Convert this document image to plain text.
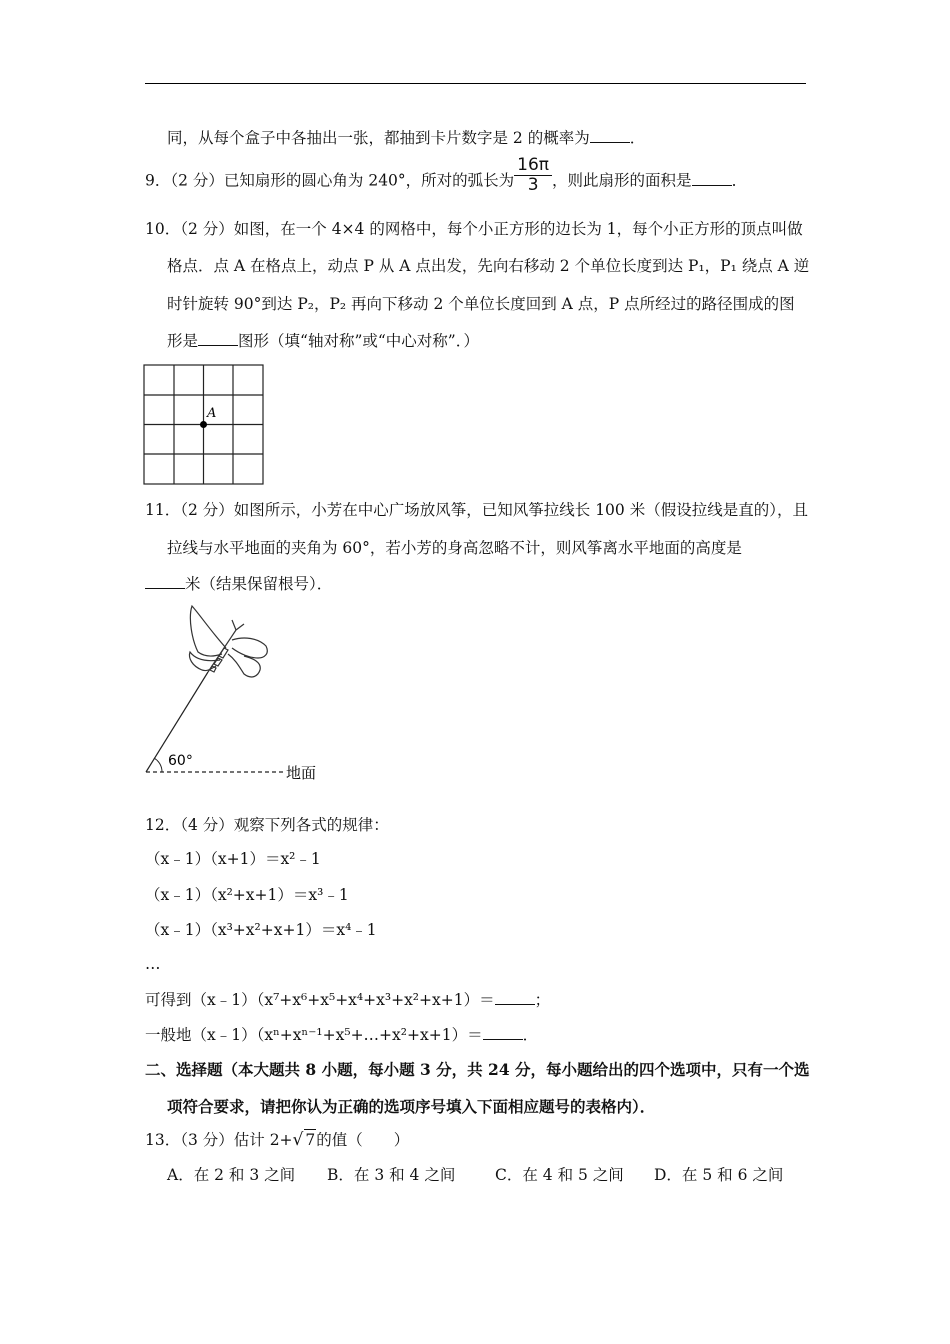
同，从每个盒子中各抽出一张，都抽到卡片数字是 2 的概率为	．
9．（2 分）已知扇形的圆心角为 240°，所对的弧长为 $\frac{16\pi}{3}$ ，则此扇形的面积是	．
10．（2 分）如图，在一个 4×4 的网格中，每个小正方形的边长为 1，每个小正方形的顶点叫做
格点．点 A 在格点上，动点 P 从 A 点出发，先向右移动 2 个单位长度到达 P₁，P₁ 绕点 A 逆
时针旋转 90°到达 P₂，P₂ 再向下移动 2 个单位长度回到 A 点，P 点所经过的路径围成的图
形是	图形（填“轴对称”或“中心对称”．）
A
11．（2 分）如图所示，小芳在中心广场放风筝，已知风筝拉线长 100 米（假设拉线是直的），且
拉线与水平地面的夹角为 60°，若小芳的身高忽略不计，则风筝离水平地面的高度是
米（结果保留根号）．
60°
地面
12．（4 分）观察下列各式的规律：
（x﹣1）（x+1）＝x²﹣1
（x﹣1）（x²+x+1）＝x³﹣1
（x﹣1）（x³+x²+x+1）＝x⁴﹣1
…
可得到（x﹣1）（x⁷+x⁶+x⁵+x⁴+x³+x²+x+1）＝	；
一般地（x﹣1）（xⁿ+xⁿ⁻¹+x⁵+…+x²+x+1）＝	．
二、选择题（本大题共 8 小题，每小题 3 分，共 24 分，每小题给出的四个选项中，只有一个选
项符合要求，请把你认为正确的选项序号填入下面相应题号的表格内）．
13．（3 分）估计 2+√ 7的值（　　）
A．在 2 和 3 之间 B．在 3 和 4 之间	C．在 4 和 5 之间 D．在 5 和 6 之间
